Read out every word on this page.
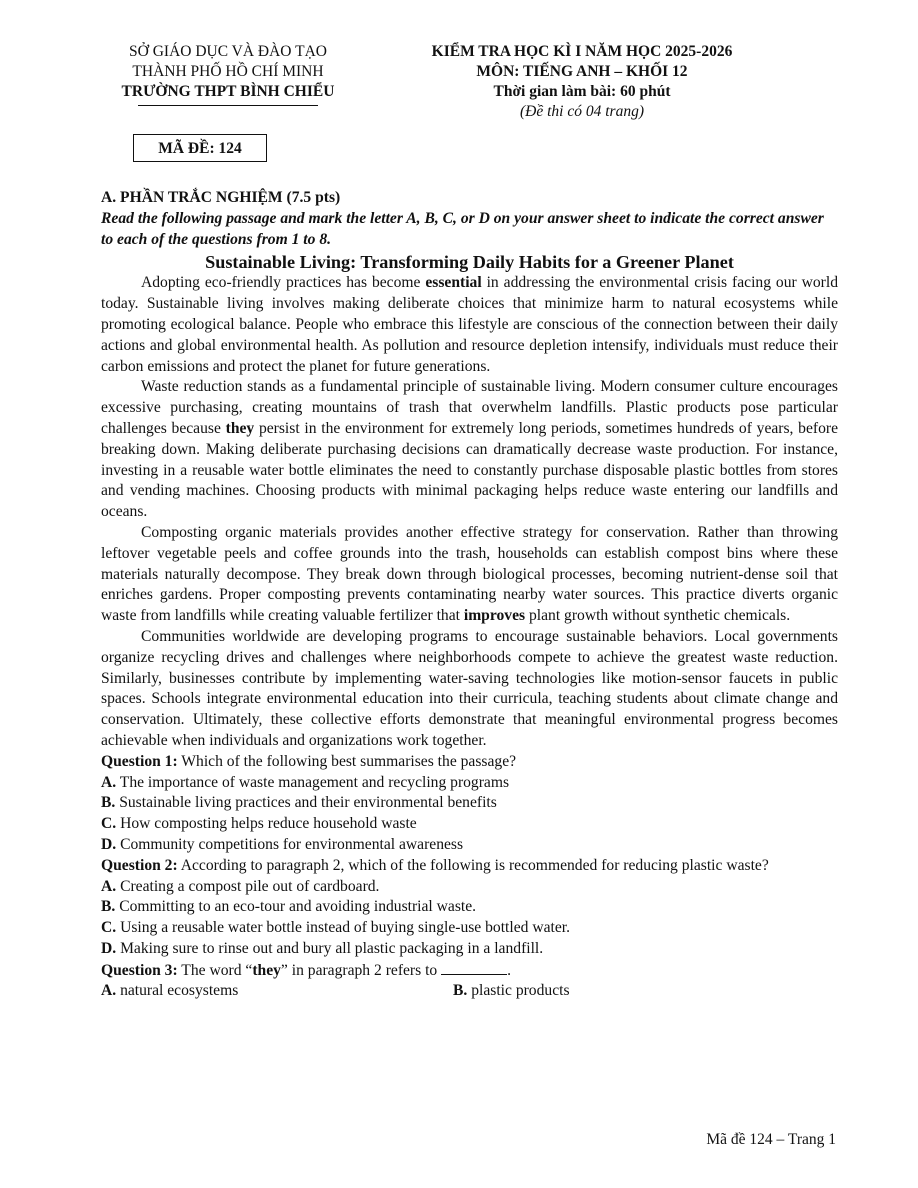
SỞ GIÁO DỤC VÀ ĐÀO TẠO
THÀNH PHỐ HỒ CHÍ MINH
TRƯỜNG THPT BÌNH CHIỂU
KIỂM TRA HỌC KÌ I NĂM HỌC 2025-2026
MÔN: TIẾNG ANH – KHỐI 12
Thời gian làm bài: 60 phút
(Đề thi có 04 trang)
MÃ ĐỀ: 124
A. PHẦN TRẮC NGHIỆM (7.5 pts)
Read the following passage and mark the letter A, B, C, or D on your answer sheet to indicate the correct answer to each of the questions from 1 to 8.
Sustainable Living: Transforming Daily Habits for a Greener Planet

Adopting eco-friendly practices has become essential in addressing the environmental crisis facing our world today. Sustainable living involves making deliberate choices that minimize harm to natural ecosystems while promoting ecological balance. People who embrace this lifestyle are conscious of the connection between their daily actions and global environmental health. As pollution and resource depletion intensify, individuals must reduce their carbon emissions and protect the planet for future generations.

Waste reduction stands as a fundamental principle of sustainable living. Modern consumer culture encourages excessive purchasing, creating mountains of trash that overwhelm landfills. Plastic products pose particular challenges because they persist in the environment for extremely long periods, sometimes hundreds of years, before breaking down. Making deliberate purchasing decisions can dramatically decrease waste production. For instance, investing in a reusable water bottle eliminates the need to constantly purchase disposable plastic bottles from stores and vending machines. Choosing products with minimal packaging helps reduce waste entering our landfills and oceans.

Composting organic materials provides another effective strategy for conservation. Rather than throwing leftover vegetable peels and coffee grounds into the trash, households can establish compost bins where these materials naturally decompose. They break down through biological processes, becoming nutrient-dense soil that enriches gardens. Proper composting prevents contaminating nearby water sources. This practice diverts organic waste from landfills while creating valuable fertilizer that improves plant growth without synthetic chemicals.

Communities worldwide are developing programs to encourage sustainable behaviors. Local governments organize recycling drives and challenges where neighborhoods compete to achieve the greatest waste reduction. Similarly, businesses contribute by implementing water-saving technologies like motion-sensor faucets in public spaces. Schools integrate environmental education into their curricula, teaching students about climate change and conservation. Ultimately, these collective efforts demonstrate that meaningful environmental progress becomes achievable when individuals and organizations work together.

Question 1: Which of the following best summarises the passage?
A. The importance of waste management and recycling programs
B. Sustainable living practices and their environmental benefits
C. How composting helps reduce household waste
D. Community competitions for environmental awareness
Question 2: According to paragraph 2, which of the following is recommended for reducing plastic waste?
A. Creating a compost pile out of cardboard.
B. Committing to an eco-tour and avoiding industrial waste.
C. Using a reusable water bottle instead of buying single-use bottled water.
D. Making sure to rinse out and bury all plastic packaging in a landfill.
Question 3: The word “they” in paragraph 2 refers to	.
A. natural ecosystems	B. plastic products
Mã đề 124 – Trang 1
